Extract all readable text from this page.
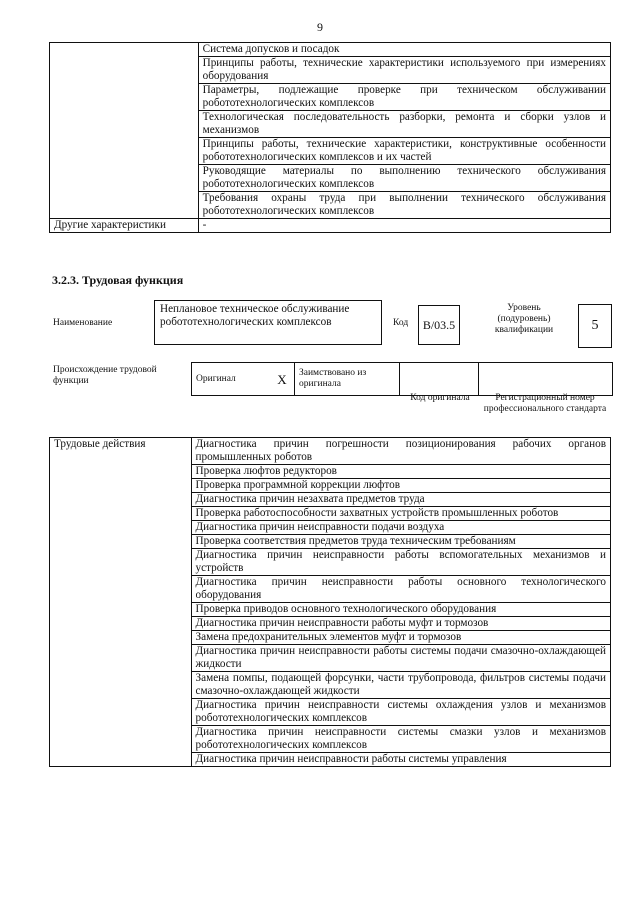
9
	Система допусков и посадок
	Принципы работы, технические характеристики используемого при измерениях оборудования
	Параметры, подлежащие проверке при техническом обслуживании робототехнологических комплексов
	Технологическая последовательность разборки, ремонта и сборки узлов и механизмов
	Принципы работы, технические характеристики, конструктивные особенности робототехнологических комплексов и их частей
	Руководящие материалы по выполнению технического обслуживания робототехнологических комплексов
	Требования охраны труда при выполнении технического обслуживания робототехнологических комплексов
Другие характеристики	-
3.2.3. Трудовая функция
Наименование
Неплановое техническое обслуживание робототехнологических комплексов	Код	B/03.5
Уровень (подуровень) квалификации	5
Происхождение трудовой функции	Оригинал	X	Заимствовано из оригинала		
Код оригинала	Регистрационный номер профессионального стандарта
Трудовые действия	Диагностика причин погрешности позиционирования рабочих органов промышленных роботов
Проверка люфтов редукторов
Проверка программной коррекции люфтов
Диагностика причин незахвата предметов труда
Проверка работоспособности захватных устройств промышленных роботов
Диагностика причин неисправности подачи воздуха
Проверка соответствия предметов труда техническим требованиям
Диагностика причин неисправности работы вспомогательных механизмов и устройств
Диагностика причин неисправности работы основного технологического оборудования
Проверка приводов основного технологического оборудования
Диагностика причин неисправности работы муфт и тормозов
Замена предохранительных элементов муфт и тормозов
Диагностика причин неисправности работы системы подачи смазочно-охлаждающей жидкости
Замена помпы, подающей форсунки, части трубопровода, фильтров системы подачи смазочно-охлаждающей жидкости
Диагностика причин неисправности системы охлаждения узлов и механизмов робототехнологических комплексов
Диагностика причин неисправности системы смазки узлов и механизмов робототехнологических комплексов
Диагностика причин неисправности работы системы управления
